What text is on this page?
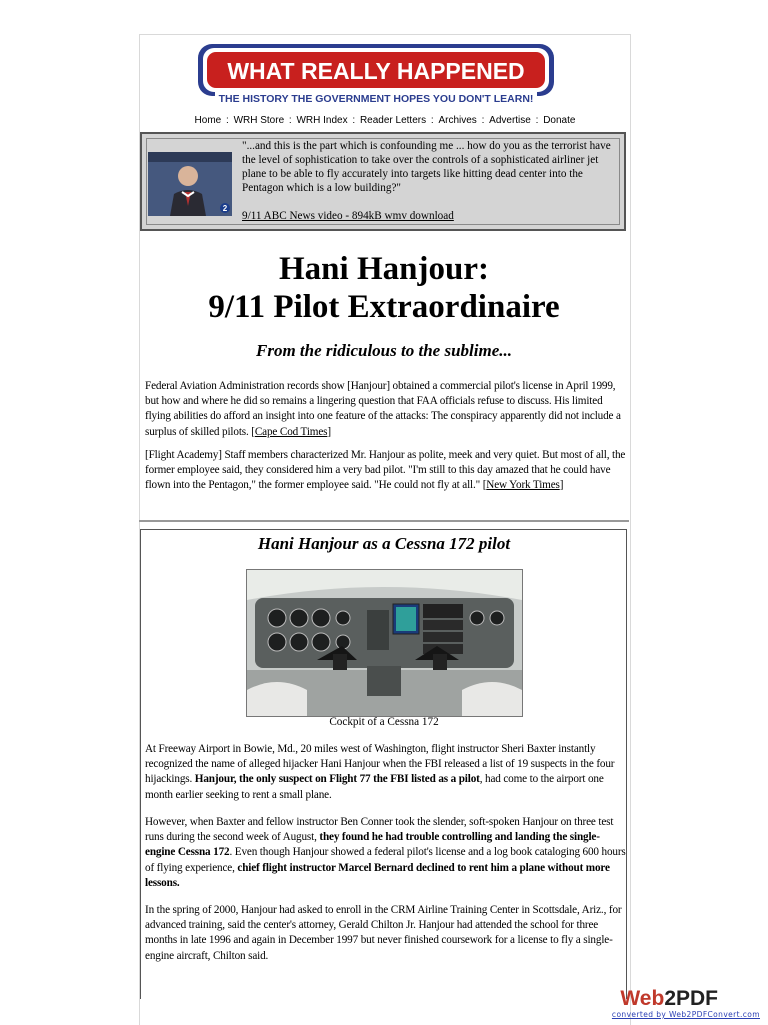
WHAT REALLY HAPPENED
THE HISTORY THE GOVERNMENT HOPES YOU DON'T LEARN!
Home : WRH Store : WRH Index : Reader Letters : Archives : Advertise : Donate
2
"...and this is the part which is confounding me ... how do you as the terrorist have the level of sophistication to take over the controls of a sophisticated airliner jet plane to be able to fly accurately into targets like hitting dead center into the Pentagon which is a low building?"
9/11 ABC News video - 894kB wmv download
Hani Hanjour:
9/11 Pilot Extraordinaire
From the ridiculous to the sublime...
Federal Aviation Administration records show [Hanjour] obtained a commercial pilot's license in April 1999, but how and where he did so remains a lingering question that FAA officials refuse to discuss. His limited flying abilities do afford an insight into one feature of the attacks: The conspiracy apparently did not include a surplus of skilled pilots. [Cape Cod Times]
[Flight Academy] Staff members characterized Mr. Hanjour as polite, meek and very quiet. But most of all, the former employee said, they considered him a very bad pilot. "I'm still to this day amazed that he could have flown into the Pentagon," the former employee said. "He could not fly at all." [New York Times]
Hani Hanjour as a Cessna 172 pilot
Cockpit of a Cessna 172
At Freeway Airport in Bowie, Md., 20 miles west of Washington, flight instructor Sheri Baxter instantly recognized the name of alleged hijacker Hani Hanjour when the FBI released a list of 19 suspects in the four hijackings. Hanjour, the only suspect on Flight 77 the FBI listed as a pilot, had come to the airport one month earlier seeking to rent a small plane.
However, when Baxter and fellow instructor Ben Conner took the slender, soft-spoken Hanjour on three test runs during the second week of August, they found he had trouble controlling and landing the single-engine Cessna 172. Even though Hanjour showed a federal pilot's license and a log book cataloging 600 hours of flying experience, chief flight instructor Marcel Bernard declined to rent him a plane without more lessons.
In the spring of 2000, Hanjour had asked to enroll in the CRM Airline Training Center in Scottsdale, Ariz., for advanced training, said the center's attorney, Gerald Chilton Jr. Hanjour had attended the school for three months in late 1996 and again in December 1997 but never finished coursework for a license to fly a single-engine aircraft, Chilton said.
Web2PDF
converted by Web2PDFConvert.com
